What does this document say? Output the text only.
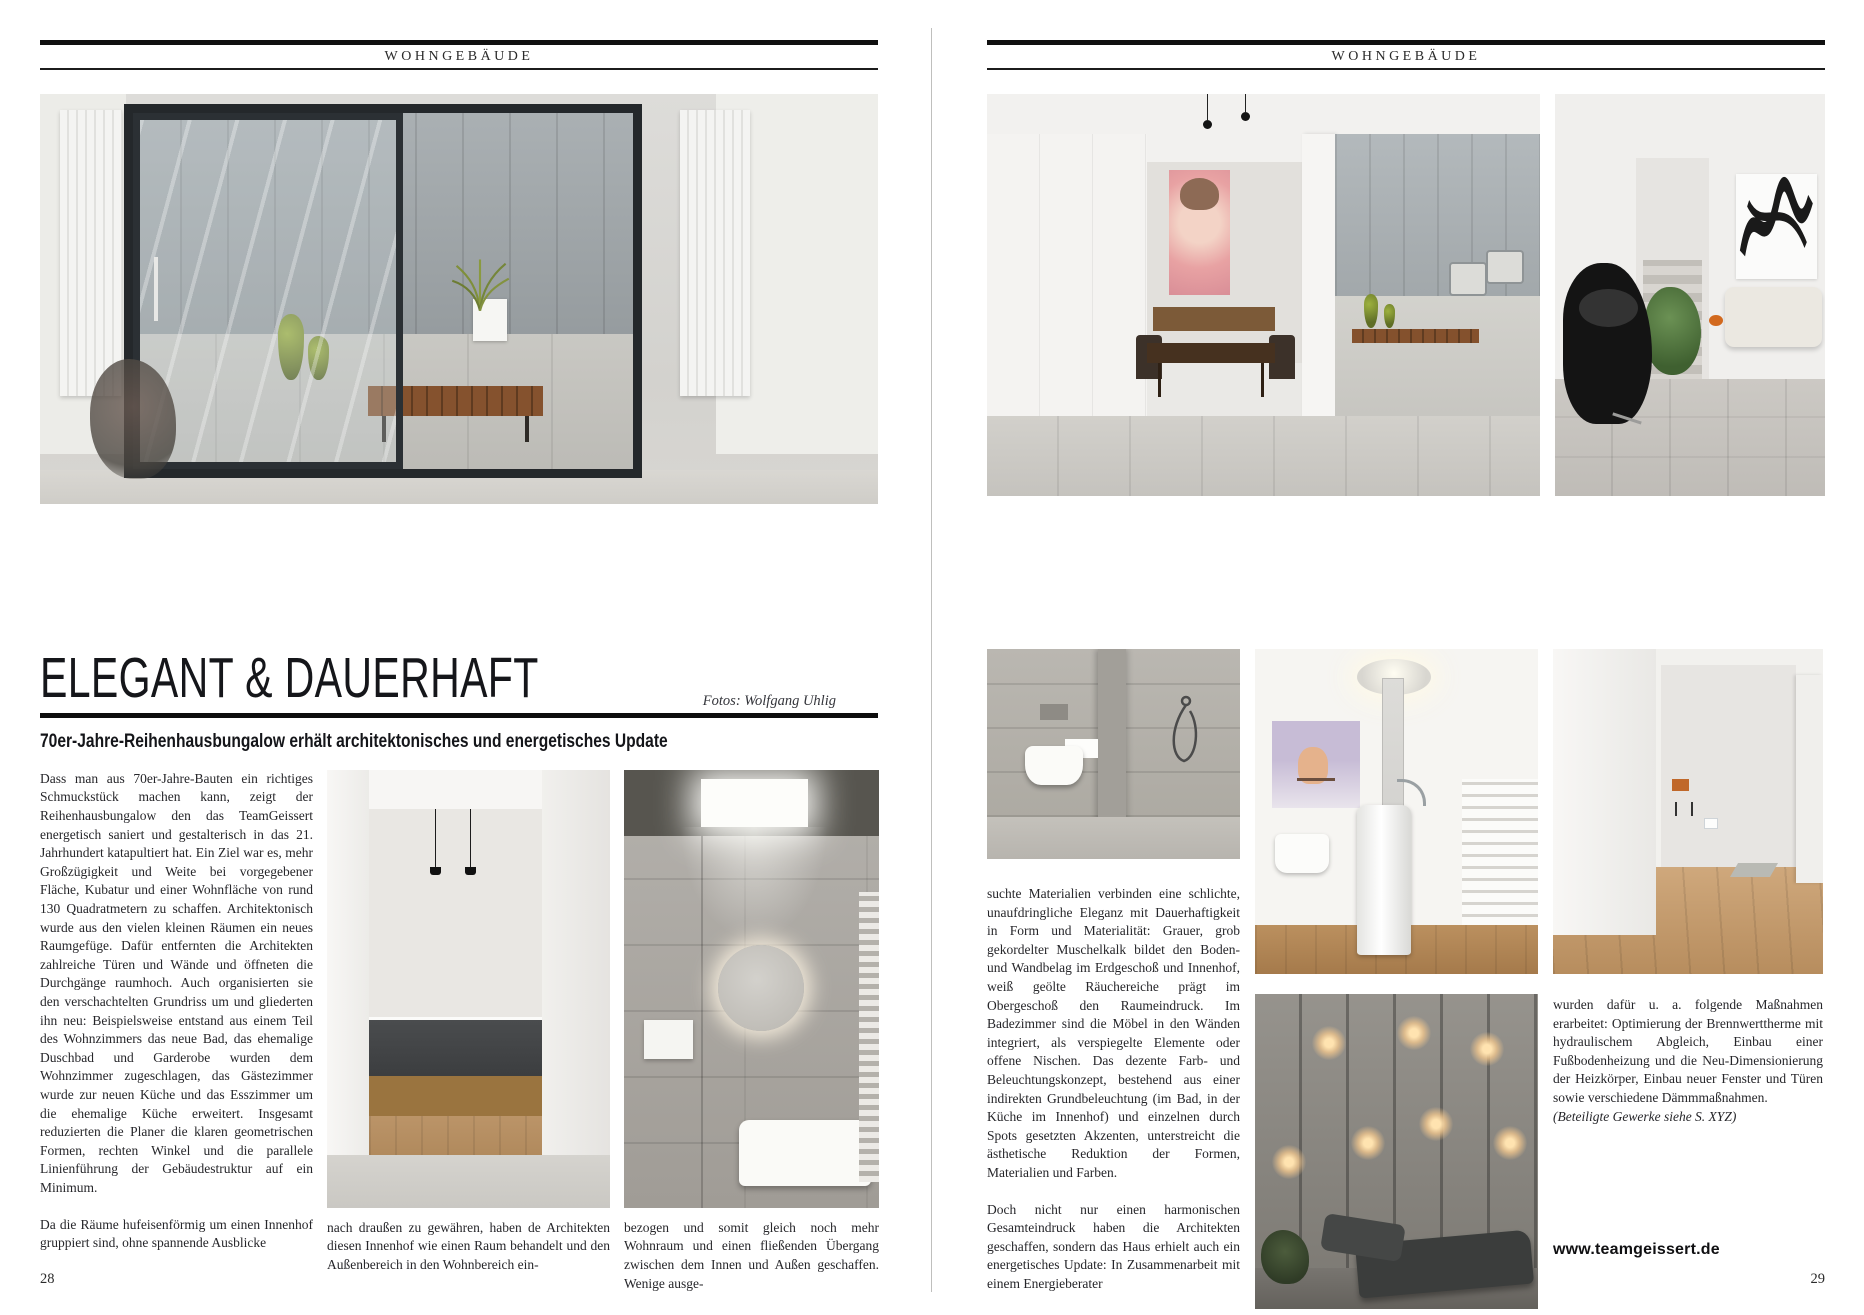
WOHNGEBÄUDE
ELEGANT & DAUERHAFT	Fotos: Wolfgang Uhlig
70er-Jahre-Reihenhausbungalow erhält architektonisches und energetisches Update

Dass man aus 70er-Jahre-Bauten ein richtiges Schmuckstück machen kann, zeigt der Reihenhausbungalow den das TeamGeissert energetisch saniert und gestalterisch in das 21. Jahrhundert katapultiert hat. Ein Ziel war es, mehr Großzügigkeit und Weite bei vorgegebener Fläche, Kubatur und einer Wohnfläche von rund 130 Quadratmetern zu schaffen. Architektonisch wurde aus den vielen kleinen Räumen ein neues Raumgefüge. Dafür entfernten die Architekten zahlreiche Türen und Wände und öffneten die Durchgänge raumhoch. Auch organisierten sie den verschachtelten Grundriss um und gliederten ihn neu: Beispielsweise entstand aus einem Teil des Wohnzimmers das neue Bad, das ehemalige Duschbad und Garderobe wurden dem Wohnzimmer zugeschlagen, das Gästezimmer wurde zur neuen Küche und das Esszimmer um die ehemalige Küche erweitert. Insgesamt reduzierten die Planer die klaren geometrischen Formen, rechten Winkel und die parallele Linienführung der Gebäudestruktur auf ein Minimum.

Da die Räume hufeisenförmig um einen Innenhof gruppiert sind, ohne spannende Ausblicke

nach draußen zu gewähren, haben de Architekten diesen Innenhof wie einen Raum behandelt und den Außenbereich in den Wohnbereich ein-
bezogen und somit gleich noch mehr Wohnraum und einen fließenden Übergang zwischen dem Innen und Außen geschaffen. Wenige ausge-
WOHNGEBÄUDE

suchte Materialien verbinden eine schlichte, unaufdringliche Eleganz mit Dauerhaftigkeit in Form und Materialität: Grauer, grob gekordelter Muschelkalk bildet den Boden- und Wandbelag im Erdgeschoß und Innenhof, weiß geölte Räuchereiche prägt im Obergeschoß den Raumeindruck. Im Badezimmer sind die Möbel in den Wänden integriert, als verspiegelte Elemente oder offene Nischen. Das dezente Farb- und Beleuchtungskonzept, bestehend aus einer indirekten Grundbeleuchtung (im Bad, in der Küche im Innenhof) und einzelnen durch Spots gesetzten Akzenten, unterstreicht die ästhetische Reduktion der Formen, Materialien und Farben.

Doch nicht nur einen harmonischen Gesamteindruck haben die Architekten geschaffen, sondern das Haus erhielt auch ein energetisches Update: In Zusammenarbeit mit einem Energieberater

wurden dafür u. a. folgende Maßnahmen erarbeitet: Optimierung der Brennwerttherme mit hydraulischem Abgleich, Einbau einer Fußbodenheizung und die Neu-Dimensionierung der Heizkörper, Einbau neuer Fenster und Türen sowie verschiedene Dämmmaßnahmen.

(Beteiligte Gewerke siehe S. XYZ)

www.teamgeissert.de
28	29
